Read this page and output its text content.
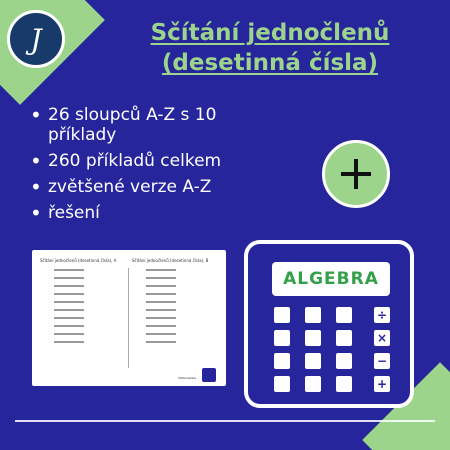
J	Sčítání jednočlenů
(desetinná čísla)
• 26 sloupců A-Z s 10 příklady
• 260 příkladů celkem
• zvětšené verze A-Z
• řešení
Sčítání jednočlenů (desetinná čísla), A	Sčítání jednočlenů (desetinná čísla), B
Matematika
ALGEBRA
÷
×
−
+
